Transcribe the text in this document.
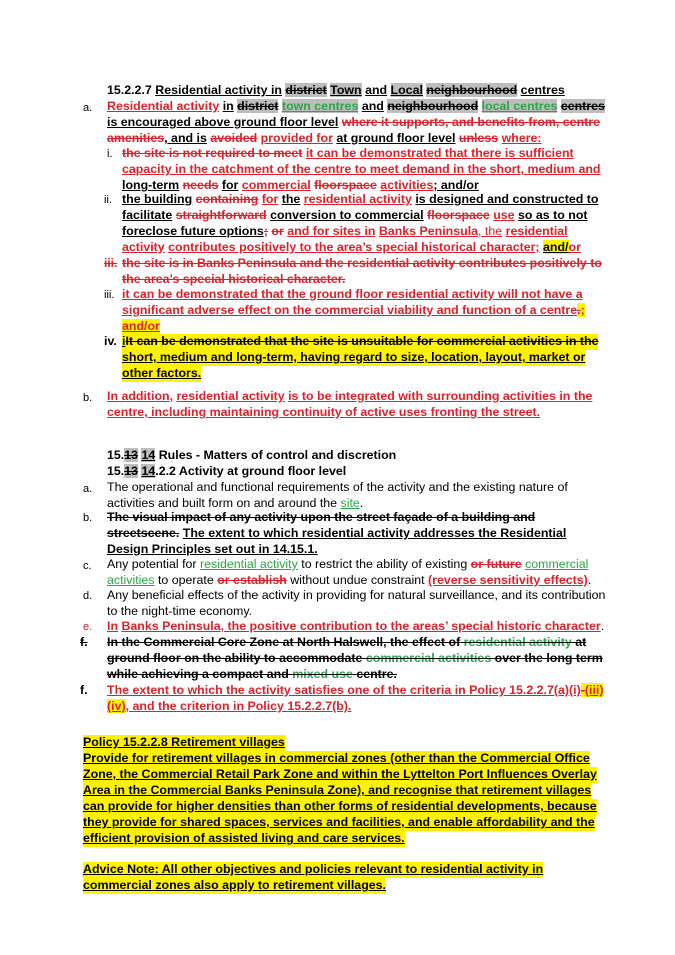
15.2.2.7 Residential activity in district Town and Local neighbourhood centres
a. Residential activity in district town centres and neighbourhood local centres centres
is encouraged above ground floor level where it supports, and benefits from, centre
amenities, and is avoided provided for at ground floor level unless where:
i. the site is not required to meet it can be demonstrated that there is sufficient
capacity in the catchment of the centre to meet demand in the short, medium and
long-term needs for commercial floorspace activities; and/or
ii. the building containing for the residential activity is designed and constructed to
facilitate straightforward conversion to commercial floorspace use so as to not
foreclose future options; or and for sites in Banks Peninsula, the residential
activity contributes positively to the area’s special historical character; and/or
iii. the site is in Banks Peninsula and the residential activity contributes positively to
the area’s special historical character.
iii. it can be demonstrated that the ground floor residential activity will not have a
significant adverse effect on the commercial viability and function of a centre.;
and/or
iv. iIt can be demonstrated that the site is unsuitable for commercial activities in the
short, medium and long-term, having regard to size, location, layout, market or
other factors.
b. In addition, residential activity is to be integrated with surrounding activities in the
centre, including maintaining continuity of active uses fronting the street.
15.13 14 Rules - Matters of control and discretion
15.13 14.2.2 Activity at ground floor level
a. The operational and functional requirements of the activity and the existing nature of
activities and built form on and around the site.
b. The visual impact of any activity upon the street façade of a building and
streetscene. The extent to which residential activity addresses the Residential
Design Principles set out in 14.15.1.
c. Any potential for residential activity to restrict the ability of existing or future commercial
activities to operate or establish without undue constraint (reverse sensitivity effects).
d. Any beneficial effects of the activity in providing for natural surveillance, and its contribution
to the night-time economy.
e. In Banks Peninsula, the positive contribution to the areas’ special historic character.
f. In the Commercial Core Zone at North Halswell, the effect of residential activity at
ground floor on the ability to accommodate commercial activities over the long term
while achieving a compact and mixed use centre.
f. The extent to which the activity satisfies one of the criteria in Policy 15.2.2.7(a)(i)-(iii)
(iv), and the criterion in Policy 15.2.2.7(b).
Policy 15.2.2.8 Retirement villages
Provide for retirement villages in commercial zones (other than the Commercial Office
Zone, the Commercial Retail Park Zone and within the Lyttelton Port Influences Overlay
Area in the Commercial Banks Peninsula Zone), and recognise that retirement villages
can provide for higher densities than other forms of residential developments, because
they provide for shared spaces, services and facilities, and enable affordability and the
efficient provision of assisted living and care services.
Advice Note: All other objectives and policies relevant to residential activity in
commercial zones also apply to retirement villages.
